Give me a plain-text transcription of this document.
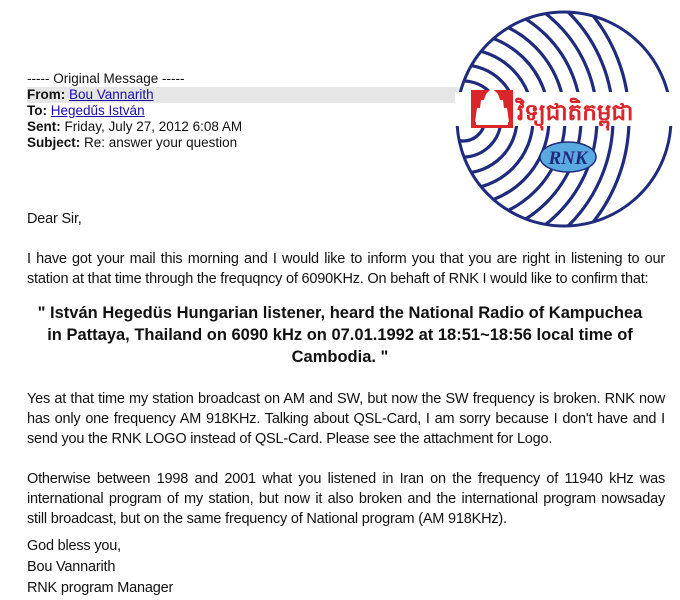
----- Original Message -----
From: Bou Vannarith
To: Hegedűs István
Sent: Friday, July 27, 2012 6:08 AM
Subject: Re: answer your question
វិទ្យុជាតិកម្ពុជា
RNK
Dear Sir,
I have got your mail this morning and I would like to inform you that you are right in listening to our station at that time through the frequqncy of 6090KHz. On behaft of RNK I would like to confirm that:
" István Hegedüs Hungarian listener, heard the National Radio of Kampuchea in Pattaya, Thailand on 6090 kHz on 07.01.1992 at 18:51~18:56 local time of Cambodia. "
Yes at that time my station broadcast on AM and SW, but now the SW frequency is broken. RNK now has only one frequency AM 918KHz. Talking about QSL-Card, I am sorry because I don't have and I send you the RNK LOGO instead of QSL-Card. Please see the attachment for Logo.
Otherwise between 1998 and 2001 what you listened in Iran on the frequency of 11940 kHz was international program of my station, but now it also broken and the international program nowsaday still broadcast, but on the same frequency of National program (AM 918KHz).
God bless you,
Bou Vannarith
RNK program Manager
